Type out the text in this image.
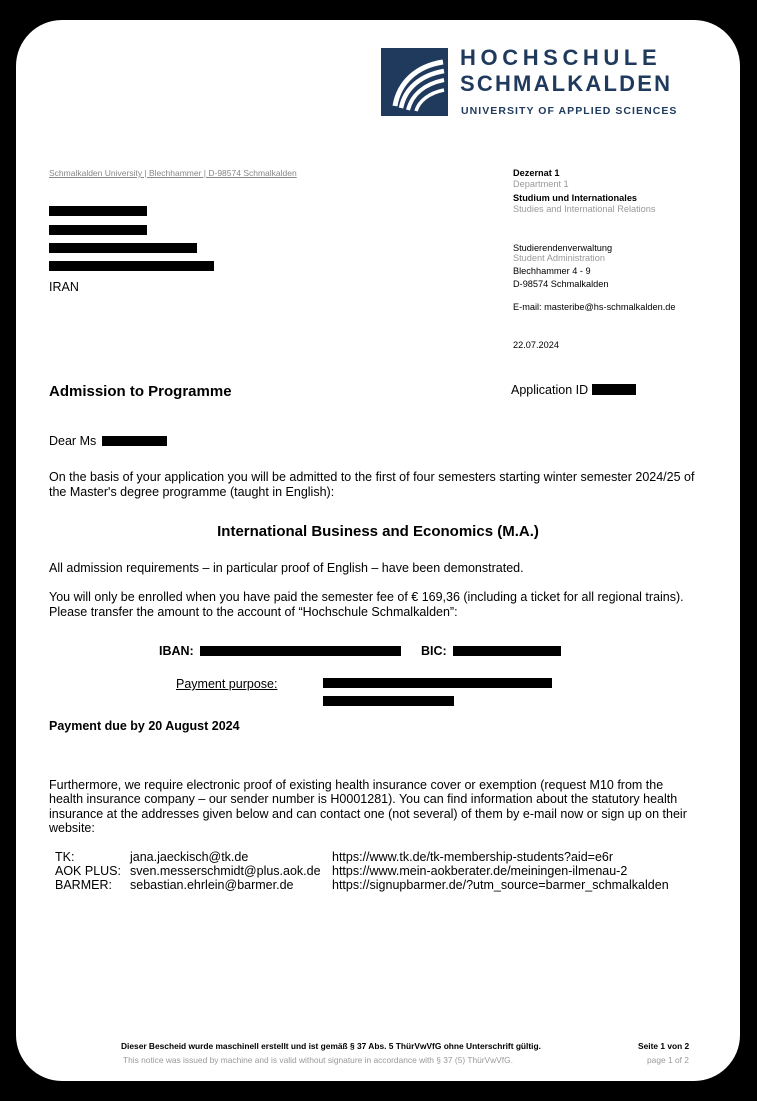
HOCHSCHULE
SCHMALKALDEN
UNIVERSITY OF APPLIED SCIENCES
Schmalkalden University | Blechhammer | D-98574 Schmalkalden
IRAN
Dezernat 1
Department 1
Studium und Internationales
Studies and International Relations
Studierendenverwaltung
Student Administration
Blechhammer 4 - 9
D-98574 Schmalkalden
E-mail: masteribe@hs-schmalkalden.de
22.07.2024
Admission to Programme	Application ID
Dear Ms
On the basis of your application you will be admitted to the first of four semesters starting winter semester 2024/25 of the Master's degree programme (taught in English):
International Business and Economics (M.A.)
All admission requirements – in particular proof of English – have been demonstrated.
You will only be enrolled when you have paid the semester fee of € 169,36 (including a ticket for all regional trains). Please transfer the amount to the account of “Hochschule Schmalkalden”:
IBAN:	BIC:
Payment purpose:
Payment due by 20 August 2024
Furthermore, we require electronic proof of existing health insurance cover or exemption (request M10 from the health insurance company – our sender number is H0001281). You can find information about the statutory health insurance at the addresses given below and can contact one (not several) of them by e-mail now or sign up on their website:
TK:	jana.jaeckisch@tk.de	https://www.tk.de/tk-membership-students?aid=e6r
AOK PLUS: sven.messerschmidt@plus.aok.de https://www.mein-aokberater.de/meiningen-ilmenau-2
BARMER: sebastian.ehrlein@barmer.de	https://signupbarmer.de/?utm_source=barmer_schmalkalden
Dieser Bescheid wurde maschinell erstellt und ist gemäß § 37 Abs. 5 ThürVwVfG ohne Unterschrift gültig.
This notice was issued by machine and is valid without signature in accordance with § 37 (5) ThürVwVfG.
Seite 1 von 2
page 1 of 2
